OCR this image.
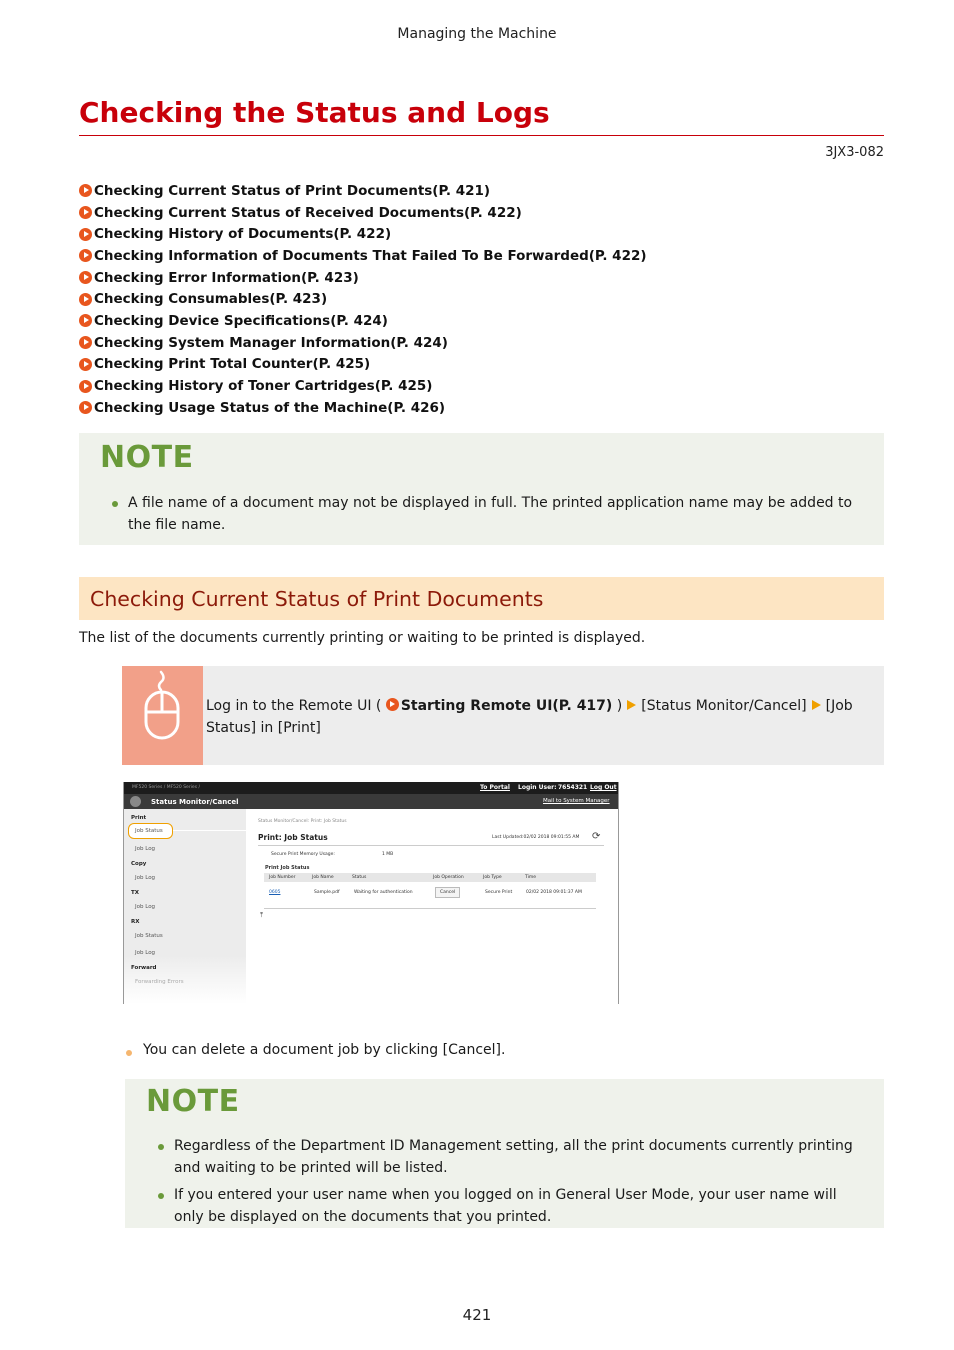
Managing the Machine
Checking the Status and Logs
3JX3-082
Checking Current Status of Print Documents(P. 421)
Checking Current Status of Received Documents(P. 422)
Checking History of Documents(P. 422)
Checking Information of Documents That Failed To Be Forwarded(P. 422)
Checking Error Information(P. 423)
Checking Consumables(P. 423)
Checking Device Specifications(P. 424)
Checking System Manager Information(P. 424)
Checking Print Total Counter(P. 425)
Checking History of Toner Cartridges(P. 425)
Checking Usage Status of the Machine(P. 426)
NOTE
A file name of a document may not be displayed in full. The printed application name may be added to the file name.
Checking Current Status of Print Documents
The list of the documents currently printing or waiting to be printed is displayed.
Log in to the Remote UI ( Starting Remote UI(P. 417) ) [Status Monitor/Cancel] [Job Status] in [Print]
MF520 Series / MF520 Series /	To Portal Login User: 7654321 Log Out
Status Monitor/Cancel	Mail to System Manager
Print
Job Status
Job Log
Copy
Job Log
TX
Job Log
RX
Job Status
Job Log
Forward
Forwarding Errors
Status Monitor/Cancel: Print: Job Status
Print: Job Status	Last Updated:02/02 2018 09:01:55 AM ⟳
Secure Print Memory Usage:	1 MB
Print Job Status
Job Number	Job Name	Status	Job Operation	Job Type	Time
0605	Sample.pdf	Waiting for authentication	Cancel	Secure Print	02/02 2018 09:01:37 AM
⤒
You can delete a document job by clicking [Cancel].
NOTE
Regardless of the Department ID Management setting, all the print documents currently printing and waiting to be printed will be listed.
If you entered your user name when you logged on in General User Mode, your user name will only be displayed on the documents that you printed.
421
